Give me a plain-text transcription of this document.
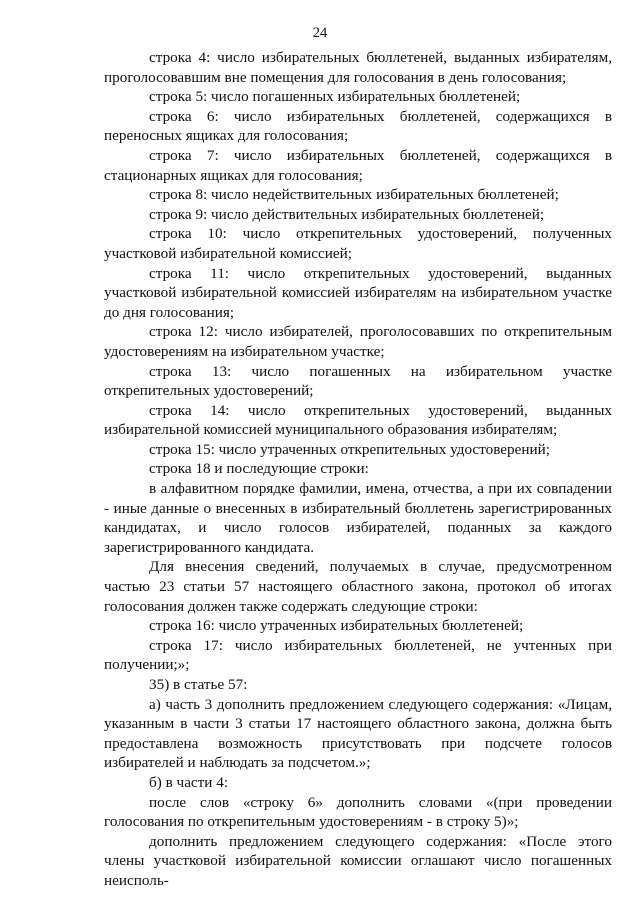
24

строка 4: число избирательных бюллетеней, выданных избирателям, проголосовавшим вне помещения для голосования в день голосования;

строка 5: число погашенных избирательных бюллетеней;

строка 6: число избирательных бюллетеней, содержащихся в переносных ящиках для голосования;

строка 7: число избирательных бюллетеней, содержащихся в стационарных ящиках для голосования;

строка 8: число недействительных избирательных бюллетеней;

строка 9: число действительных избирательных бюллетеней;

строка 10: число открепительных удостоверений, полученных участковой избирательной комиссией;

строка 11: число открепительных удостоверений, выданных участковой избирательной комиссией избирателям на избирательном участке до дня голосования;

строка 12: число избирателей, проголосовавших по открепительным удостоверениям на избирательном участке;

строка 13: число погашенных на избирательном участке открепительных удостоверений;

строка 14: число открепительных удостоверений, выданных избирательной комиссией муниципального образования избирателям;

строка 15: число утраченных открепительных удостоверений;

строка 18 и последующие строки:

в алфавитном порядке фамилии, имена, отчества, а при их совпадении - иные данные о внесенных в избирательный бюллетень зарегистрированных кандидатах, и число голосов избирателей, поданных за каждого зарегистрированного кандидата.

Для внесения сведений, получаемых в случае, предусмотренном частью 23 статьи 57 настоящего областного закона, протокол об итогах голосования должен также содержать следующие строки:

строка 16: число утраченных избирательных бюллетеней;

строка 17: число избирательных бюллетеней, не учтенных при получении;»;

35) в статье 57:

а) часть 3 дополнить предложением следующего содержания: «Лицам, указанным в части 3 статьи 17 настоящего областного закона, должна быть предоставлена возможность присутствовать при подсчете голосов избирателей и наблюдать за подсчетом.»;

б) в части 4:

после слов «строку 6» дополнить словами «(при проведении голосования по открепительным удостоверениям - в строку 5)»;

дополнить предложением следующего содержания: «После этого члены участковой избирательной комиссии оглашают число погашенных неисполь-
